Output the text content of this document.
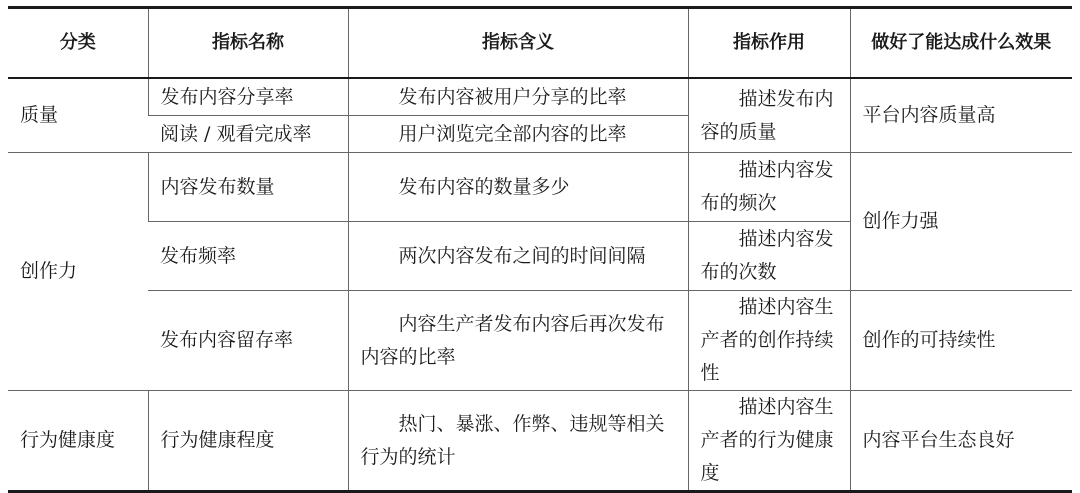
分类	指标名称	指标含义	指标作用	做好了能达成什么效果
质量	发布内容分享率	发布内容被用户分享的比率	描述发布内容的质量	平台内容质量高
	阅读 / 观看完成率	用户浏览完全部内容的比率		
创作力	内容发布数量	发布内容的数量多少	描述内容发布的频次	创作力强
	发布频率	两次内容发布之间的时间间隔	描述内容发布的次数	
	发布内容留存率	内容生产者发布内容后再次发布内容的比率	描述内容生产者的创作持续性	创作的可持续性
行为健康度	行为健康程度	热门、暴涨、作弊、违规等相关行为的统计	描述内容生产者的行为健康度	内容平台生态良好
